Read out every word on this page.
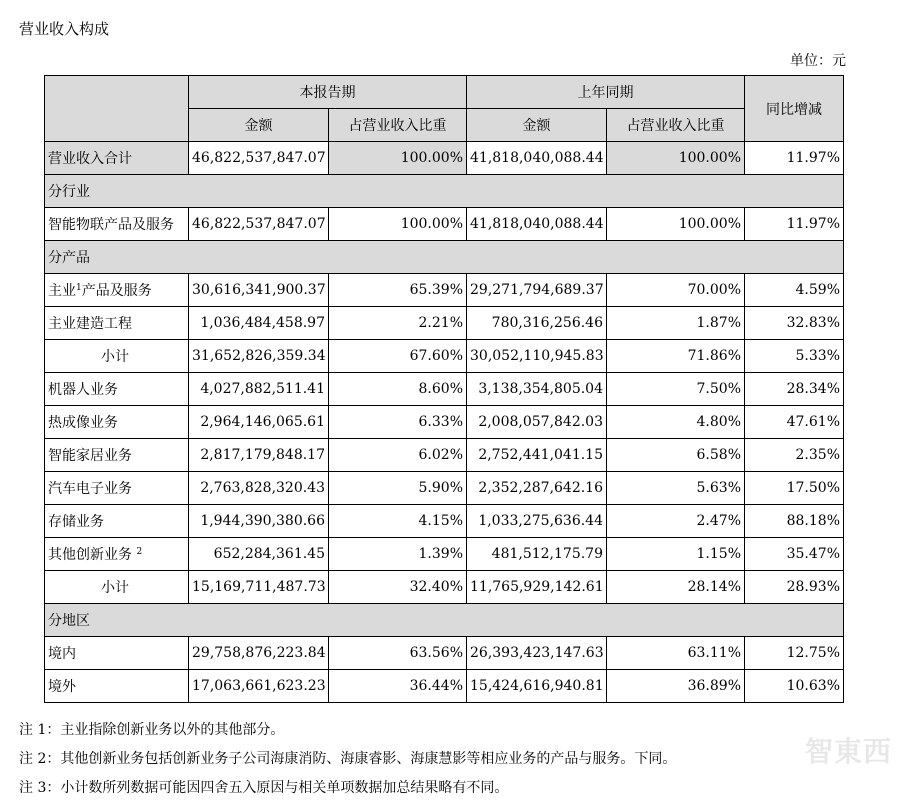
营业收入构成
单位：元
	本报告期		上年同期		同比增减
	金额	占营业收入比重	金额	占营业收入比重	
营业收入合计	46,822,537,847.07	100.00%	41,818,040,088.44	100.00%	11.97%
分行业					
智能物联产品及服务	46,822,537,847.07	100.00%	41,818,040,088.44	100.00%	11.97%
分产品					
主业$^1$产品及服务	30,616,341,900.37	65.39%	29,271,794,689.37	70.00%	4.59%
主业建造工程	1,036,484,458.97	2.21%	780,316,256.46	1.87%	32.83%
小计	31,652,826,359.34	67.60%	30,052,110,945.83	71.86%	5.33%
机器人业务	4,027,882,511.41	8.60%	3,138,354,805.04	7.50%	28.34%
热成像业务	2,964,146,065.61	6.33%	2,008,057,842.03	4.80%	47.61%
智能家居业务	2,817,179,848.17	6.02%	2,752,441,041.15	6.58%	2.35%
汽车电子业务	2,763,828,320.43	5.90%	2,352,287,642.16	5.63%	17.50%
存储业务	1,944,390,380.66	4.15%	1,033,275,636.44	2.47%	88.18%
其他创新业务 $^2$	652,284,361.45	1.39%	481,512,175.79	1.15%	35.47%
小计	15,169,711,487.73	32.40%	11,765,929,142.61	28.14%	28.93%
分地区					
境内	29,758,876,223.84	63.56%	26,393,423,147.63	63.11%	12.75%
境外	17,063,661,623.23	36.44%	15,424,616,940.81	36.89%	10.63%
注 1：主业指除创新业务以外的其他部分。
注 2：其他创新业务包括创新业务子公司海康消防、海康睿影、海康慧影等相应业务的产品与服务。下同。
注 3：小计数所列数据可能因四舍五入原因与相关单项数据加总结果略有不同。
智東西
